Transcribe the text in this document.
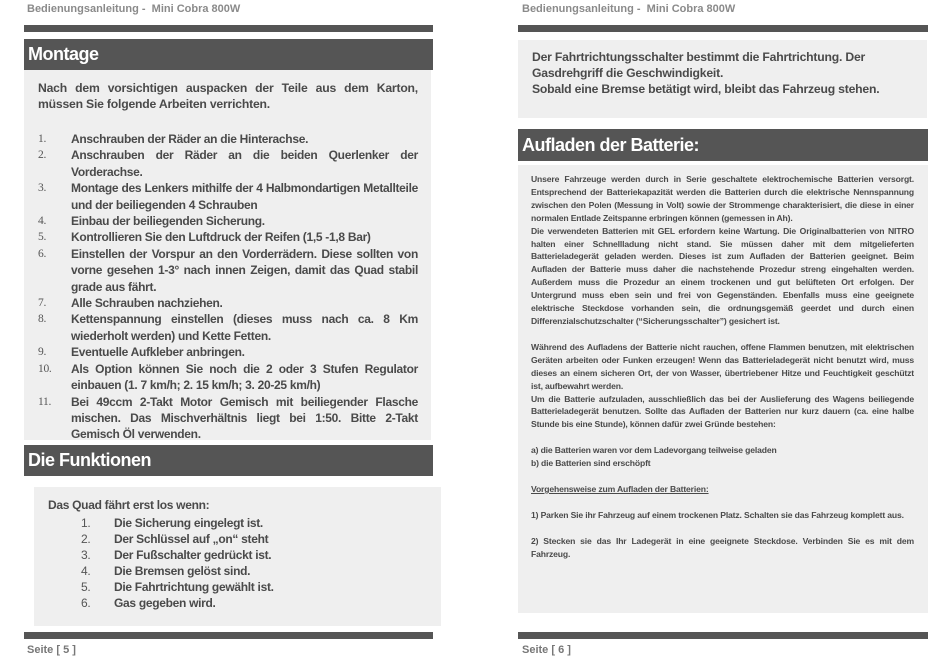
Bedienungsanleitung -  Mini Cobra 800W
Montage
Nach dem vorsichtigen auspacken der Teile aus dem Karton, müssen Sie folgende Arbeiten verrichten.
1. Anschrauben der Räder an die Hinterachse.
2. Anschrauben der Räder an die beiden Querlenker der Vorderachse.
3. Montage des Lenkers mithilfe der 4 Halbmondartigen Metallteile und der beiliegenden 4 Schrauben
4. Einbau der beiliegenden Sicherung.
5. Kontrollieren Sie den Luftdruck der Reifen (1,5 -1,8 Bar)
6. Einstellen der Vorspur an den Vorderrädern. Diese sollten von vorne gesehen 1-3° nach innen Zeigen, damit das Quad stabil grade aus fährt.
7. Alle Schrauben nachziehen.
8. Kettenspannung einstellen (dieses muss nach ca. 8 Km wiederholt werden) und Kette Fetten.
9. Eventuelle Aufkleber anbringen.
10. Als Option können Sie noch die 2 oder 3 Stufen Regulator einbauen (1. 7 km/h; 2. 15 km/h; 3. 20-25 km/h)
11. Bei 49ccm 2-Takt Motor Gemisch mit beiliegender Flasche mischen. Das Mischverhältnis liegt bei 1:50. Bitte 2-Takt Gemisch Öl verwenden.
Die Funktionen
Das Quad fährt erst los wenn:
1. Die Sicherung eingelegt ist.
2. Der Schlüssel auf „on“ steht
3. Der Fußschalter gedrückt ist.
4. Die Bremsen gelöst sind.
5. Die Fahrtrichtung gewählt ist.
6. Gas gegeben wird.
Seite [ 5 ]
Bedienungsanleitung -  Mini Cobra 800W

Der Fahrtrichtungsschalter bestimmt die Fahrtrichtung. Der Gasdrehgriff die Geschwindigkeit.

Sobald eine Bremse betätigt wird, bleibt das Fahrzeug stehen.

Aufladen der Batterie:

Unsere Fahrzeuge werden durch in Serie geschaltete elektrochemische Batterien versorgt. Entsprechend der Batteriekapazität werden die Batterien durch die elektrische Nennspannung zwischen den Polen (Messung in Volt) sowie der Strommenge charakterisiert, die diese in einer normalen Entlade Zeitspanne erbringen können (gemessen in Ah).

Die verwendeten Batterien mit GEL erfordern keine Wartung. Die Originalbatterien von NITRO halten einer Schnellladung nicht stand. Sie müssen daher mit dem mitgelieferten Batterieladegerät geladen werden. Dieses ist zum Aufladen der Batterien geeignet. Beim Aufladen der Batterie muss daher die nachstehende Prozedur streng eingehalten werden. Außerdem muss die Prozedur an einem trockenen und gut belüfteten Ort erfolgen. Der Untergrund muss eben sein und frei von Gegenständen. Ebenfalls muss eine geeignete elektrische Steckdose vorhanden sein, die ordnungsgemäß geerdet und durch einen Differenzialschutzschalter (“Sicherungsschalter”) gesichert ist.

Während des Aufladens der Batterie nicht rauchen, offene Flammen benutzen, mit elektrischen Geräten arbeiten oder Funken erzeugen! Wenn das Batterieladegerät nicht benutzt wird, muss dieses an einem sicheren Ort, der von Wasser, übertriebener Hitze und Feuchtigkeit geschützt ist, aufbewahrt werden.

Um die Batterie aufzuladen, ausschließlich das bei der Auslieferung des Wagens beiliegende Batterieladegerät benutzen. Sollte das Aufladen der Batterien nur kurz dauern (ca. eine halbe Stunde bis eine Stunde), können dafür zwei Gründe bestehen:

a) die Batterien waren vor dem Ladevorgang teilweise geladen

b) die Batterien sind erschöpft

Vorgehensweise zum Aufladen der Batterien:

1) Parken Sie ihr Fahrzeug auf einem trockenen Platz. Schalten sie das Fahrzeug komplett aus.

2) Stecken sie das Ihr Ladegerät in eine geeignete Steckdose. Verbinden Sie es mit dem Fahrzeug.

Seite [ 6 ]
